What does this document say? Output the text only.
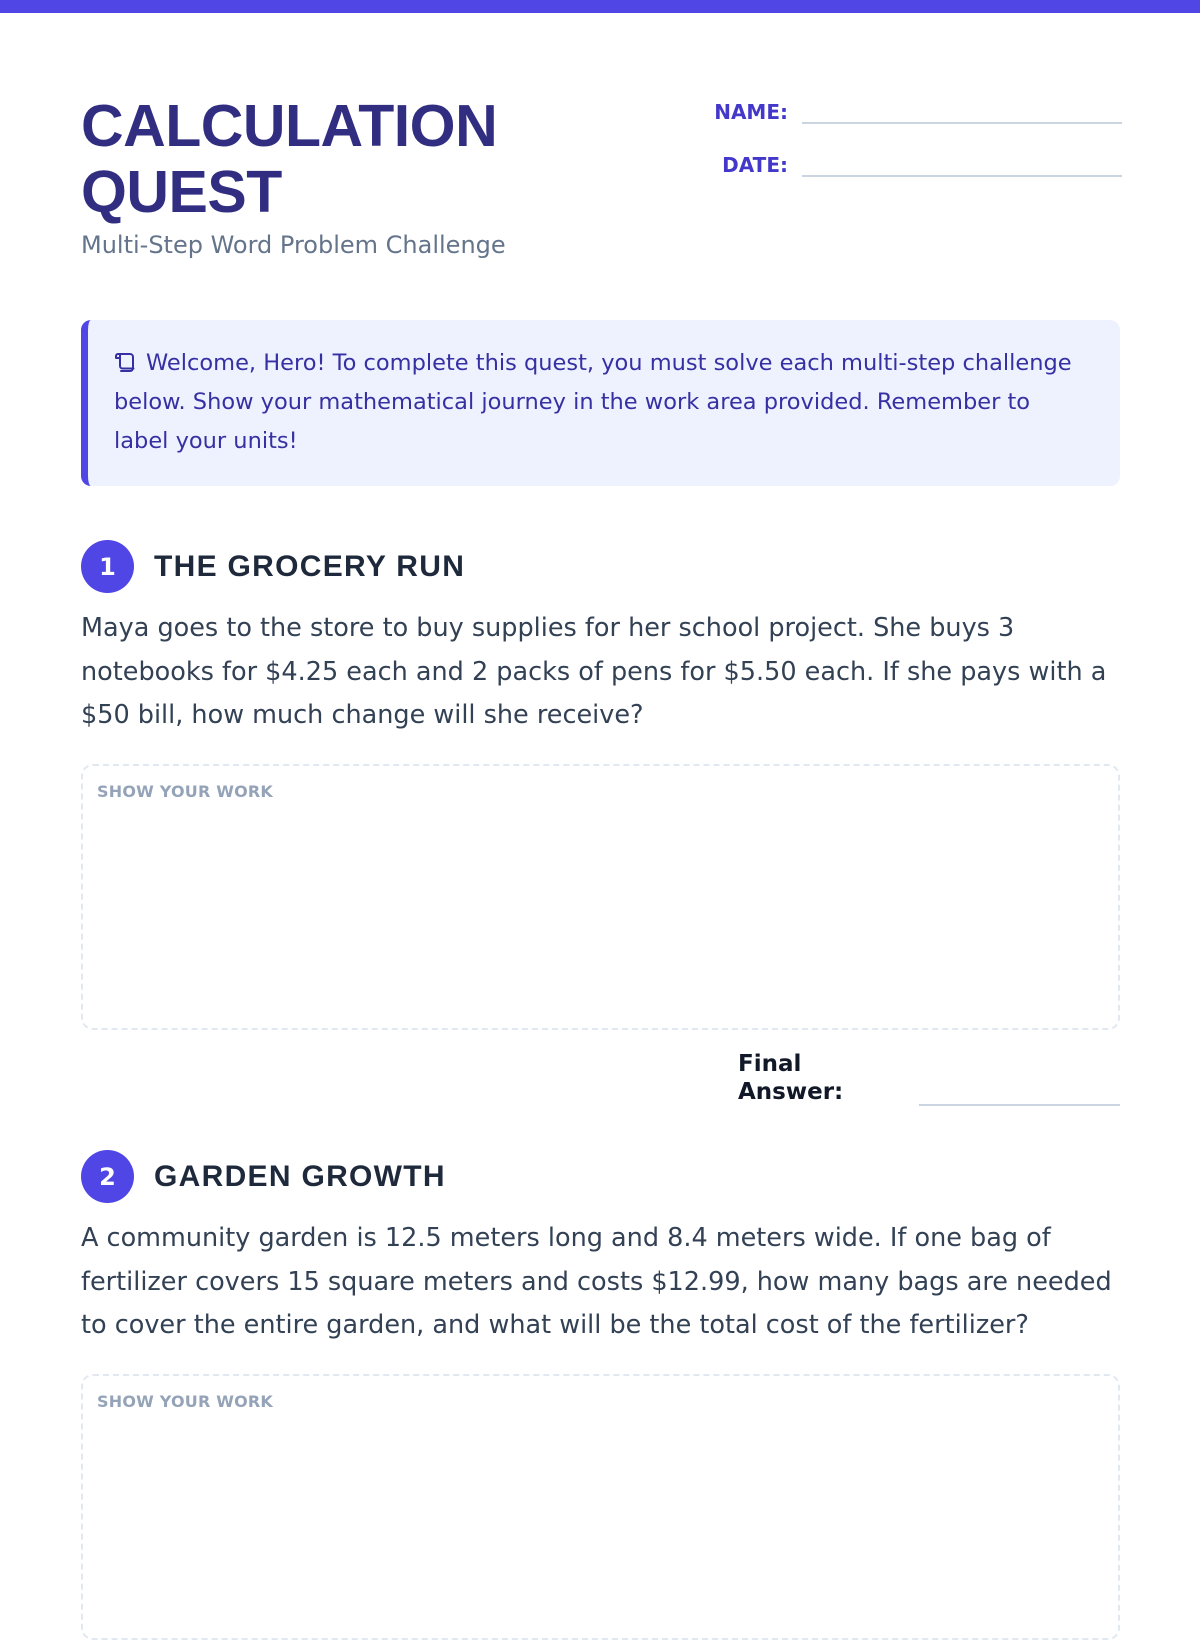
CALCULATION QUEST
Multi-Step Word Problem Challenge
NAME:
DATE:
Welcome, Hero! To complete this quest, you must solve each multi-step challenge below. Show your mathematical journey in the work area provided. Remember to label your units!
1	THE GROCERY RUN
Maya goes to the store to buy supplies for her school project. She buys 3 notebooks for $4.25 each and 2 packs of pens for $5.50 each. If she pays with a $50 bill, how much change will she receive?
SHOW YOUR WORK
Final Answer:
2	GARDEN GROWTH
A community garden is 12.5 meters long and 8.4 meters wide. If one bag of fertilizer covers 15 square meters and costs $12.99, how many bags are needed to cover the entire garden, and what will be the total cost of the fertilizer?
SHOW YOUR WORK
